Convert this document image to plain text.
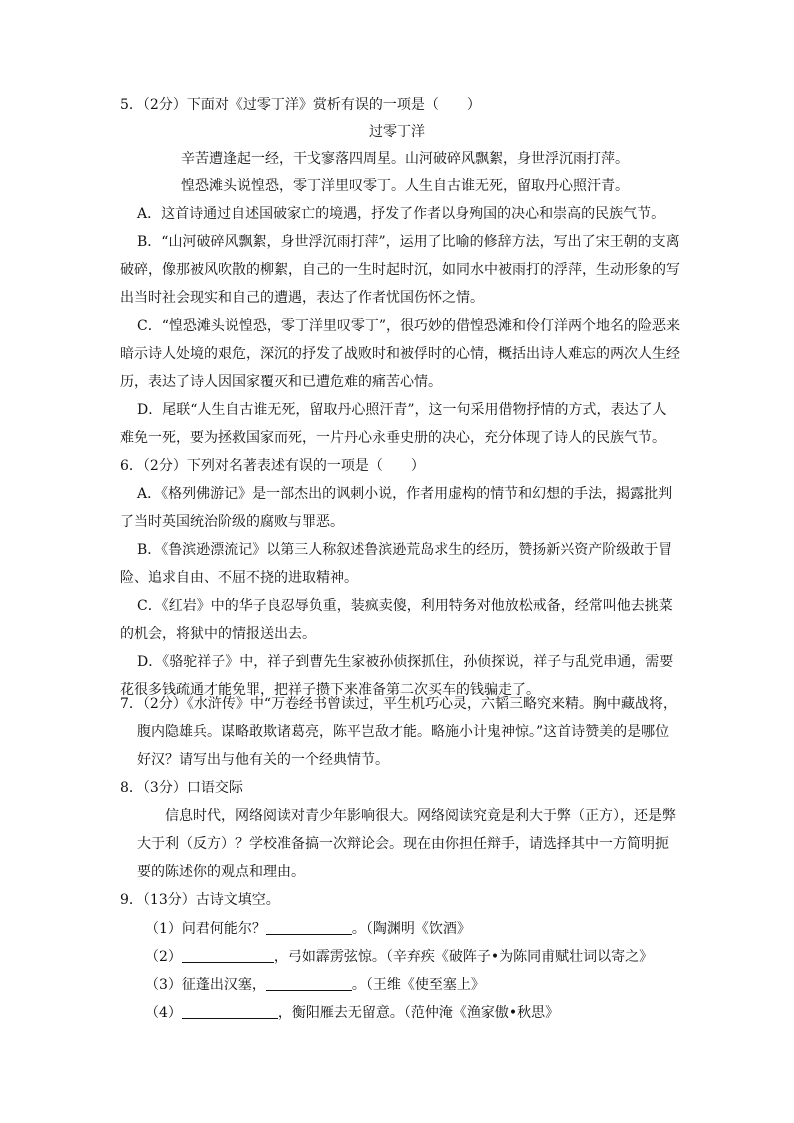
5．（2分）下面对《过零丁洋》赏析有误的一项是（　　）
过零丁洋
辛苦遭逢起一经，干戈寥落四周星。山河破碎风飘絮，身世浮沉雨打萍。
惶恐滩头说惶恐，零丁洋里叹零丁。人生自古谁无死，留取丹心照汗青。
A．这首诗通过自述国破家亡的境遇，抒发了作者以身殉国的决心和崇高的民族气节。
B．“山河破碎风飘絮，身世浮沉雨打萍”，运用了比喻的修辞方法，写出了宋王朝的支离
破碎，像那被风吹散的柳絮，自己的一生时起时沉，如同水中被雨打的浮萍，生动形象的写
出当时社会现实和自己的遭遇，表达了作者忧国伤怀之情。
C．“惶恐滩头说惶恐，零丁洋里叹零丁”，很巧妙的借惶恐滩和伶仃洋两个地名的险恶来
暗示诗人处境的艰危，深沉的抒发了战败时和被俘时的心情，概括出诗人难忘的两次人生经
历，表达了诗人因国家覆灭和已遭危难的痛苦心情。
D．尾联“人生自古谁无死，留取丹心照汗青”，这一句采用借物抒情的方式，表达了人
难免一死，要为拯救国家而死，一片丹心永垂史册的决心，充分体现了诗人的民族气节。
6．（2分）下列对名著表述有误的一项是（　　）
A．《格列佛游记》是一部杰出的讽刺小说，作者用虚构的情节和幻想的手法，揭露批判
了当时英国统治阶级的腐败与罪恶。
B．《鲁滨逊漂流记》以第三人称叙述鲁滨逊荒岛求生的经历，赞扬新兴资产阶级敢于冒
险、追求自由、不屈不挠的进取精神。
C．《红岩》中的华子良忍辱负重，装疯卖傻，利用特务对他放松戒备，经常叫他去挑菜
的机会，将狱中的情报送出去。
D．《骆驼祥子》中，祥子到曹先生家被孙侦探抓住，孙侦探说，祥子与乱党串通，需要
花很多钱疏通才能免罪，把祥子攒下来准备第二次买车的钱骗走了。
7．（2分）《水浒传》中“万卷经书曾读过，平生机巧心灵，六韬三略究来精。胸中藏战将，
腹内隐雄兵。谋略敢欺诸葛亮，陈平岂敌才能。略施小计鬼神惊。”这首诗赞美的是哪位
好汉？请写出与他有关的一个经典情节。
8．（3分）口语交际
信息时代，网络阅读对青少年影响很大。网络阅读究竟是利大于弊（正方），还是弊
大于利（反方）？学校准备搞一次辩论会。现在由你担任辩手，请选择其中一方简明扼
要的陈述你的观点和理由。
9．（13分）古诗文填空。
（1）问君何能尔？	。（陶渊明《饮酒》
（2）	，弓如霹雳弦惊。（辛弃疾《破阵子•为陈同甫赋壮词以寄之》
（3）征蓬出汉塞，	。（王维《使至塞上》
（4）	，衡阳雁去无留意。（范仲淹《渔家傲•秋思》
